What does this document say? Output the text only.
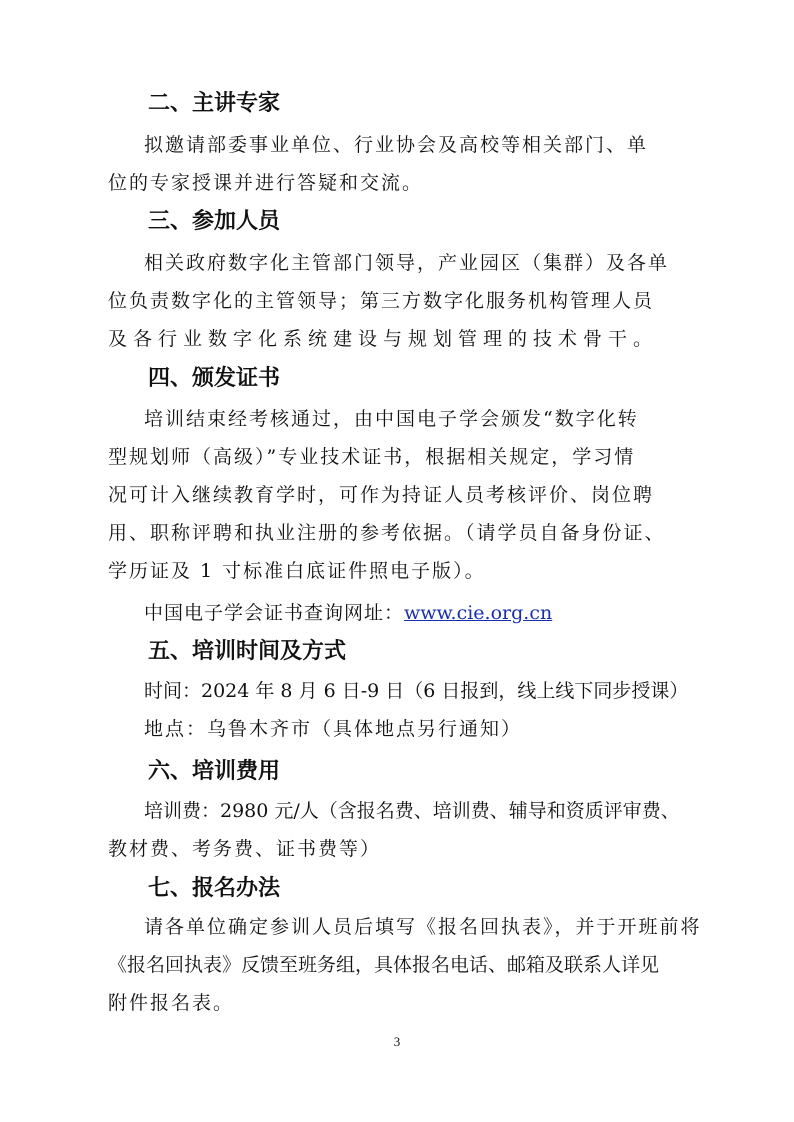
二、主讲专家
拟邀请部委事业单位、行业协会及高校等相关部门、单
位的专家授课并进行答疑和交流。
三、参加人员
相关政府数字化主管部门领导，产业园区（集群）及各单
位负责数字化的主管领导；第三方数字化服务机构管理人员
及各行业数字化系统建设与规划管理的技术骨干。
四、颁发证书
培训结束经考核通过，由中国电子学会颁发“数字化转
型规划师（高级）”专业技术证书，根据相关规定，学习情
况可计入继续教育学时，可作为持证人员考核评价、岗位聘
用、职称评聘和执业注册的参考依据。（请学员自备身份证、
学历证及 1 寸标准白底证件照电子版）。
中国电子学会证书查询网址：www.cie.org.cn
五、培训时间及方式
时间：2024 年 8 月 6 日-9 日（6 日报到，线上线下同步授课）
地点：乌鲁木齐市（具体地点另行通知）
六、培训费用
培训费：2980 元/人（含报名费、培训费、辅导和资质评审费、
教材费、考务费、证书费等）
七、报名办法
请各单位确定参训人员后填写《报名回执表》，并于开班前将
《报名回执表》反馈至班务组，具体报名电话、邮箱及联系人详见
附件报名表。
3
